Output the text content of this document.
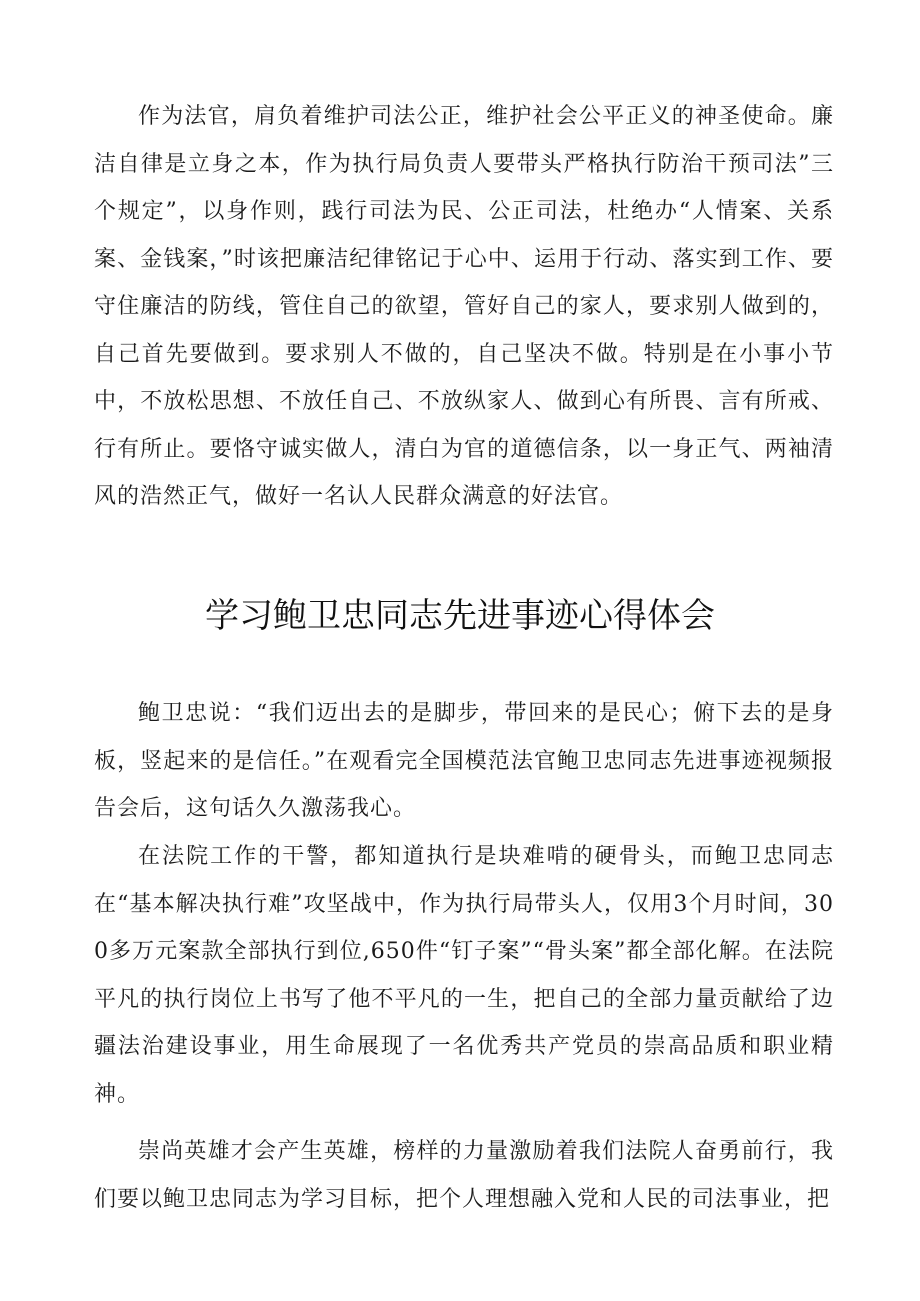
作为法官，肩负着维护司法公正，维护社会公平正义的神圣使命。廉洁自律是立身之本，作为执行局负责人要带头严格执行防治干预司法”三个规定”，以身作则，践行司法为民、公正司法，杜绝办“人情案、关系案、金钱案，”时该把廉洁纪律铭记于心中、运用于行动、落实到工作、要守住廉洁的防线，管住自己的欲望，管好自己的家人，要求别人做到的，自己首先要做到。要求别人不做的，自己坚决不做。特别是在小事小节中，不放松思想、不放任自己、不放纵家人、做到心有所畏、言有所戒、行有所止。要恪守诚实做人，清白为官的道德信条，以一身正气、两袖清风的浩然正气，做好一名认人民群众满意的好法官。

学习鲍卫忠同志先进事迹心得体会

鲍卫忠说：“我们迈出去的是脚步，带回来的是民心；俯下去的是身板，竖起来的是信任。”在观看完全国模范法官鲍卫忠同志先进事迹视频报告会后，这句话久久激荡我心。

在法院工作的干警，都知道执行是块难啃的硬骨头，而鲍卫忠同志在“基本解决执行难”攻坚战中，作为执行局带头人，仅用3个月时间，300多万元案款全部执行到位,650件“钉子案”“骨头案”都全部化解。在法院平凡的执行岗位上书写了他不平凡的一生，把自己的全部力量贡献给了边疆法治建设事业，用生命展现了一名优秀共产党员的崇高品质和职业精神。

崇尚英雄才会产生英雄，榜样的力量激励着我们法院人奋勇前行，我们要以鲍卫忠同志为学习目标，把个人理想融入党和人民的司法事业，把
